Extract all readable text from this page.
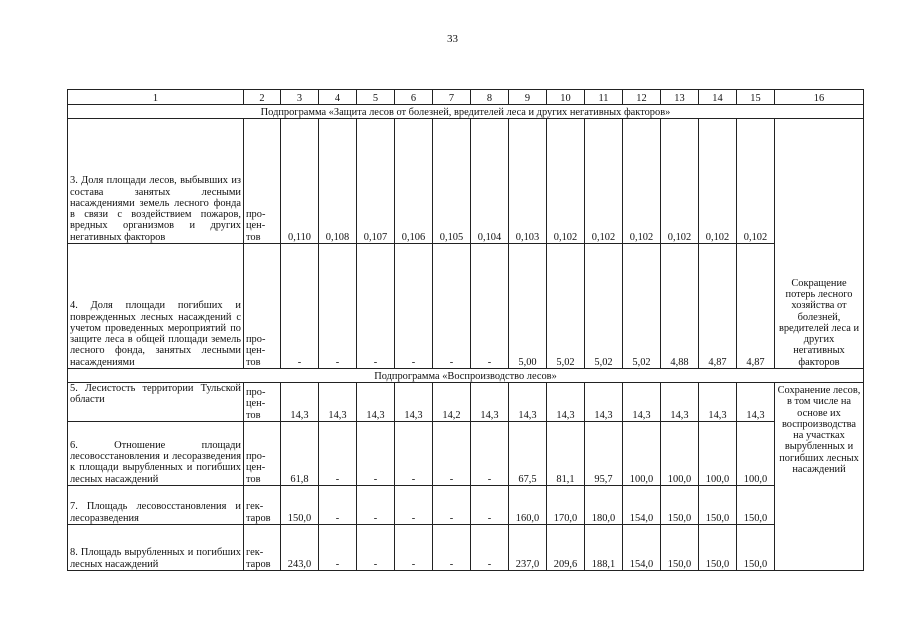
33
1	2	3	4	5	6	7	8	9	10	11	12	13	14	15	16
Подпрограмма «Защита лесов от болезней, вредителей леса и других негативных факторов»															
3. Доля площади лесов, выбывших из состава занятых лесными насаждениями земель лесного фонда в связи с воздействием пожаров, вредных организмов и других негативных факторов	про- цен- тов	0,110	0,108	0,107	0,106	0,105	0,104	0,103	0,102	0,102	0,102	0,102	0,102	0,102	Сокращение потерь лесного хозяйства от болезней, вредителей леса и других негативных факторов
4. Доля площади погибших и поврежденных лесных насаждений с учетом проведенных мероприятий по защите леса в общей площади земель лесного фонда, занятых лесными насаждениями	про- цен- тов	-	-	-	-	-	-	5,00	5,02	5,02	5,02	4,88	4,87	4,87	
Подпрограмма «Воспроизводство лесов»															
5. Лесистость территории Тульской области	про- цен- тов	14,3	14,3	14,3	14,3	14,2	14,3	14,3	14,3	14,3	14,3	14,3	14,3	14,3	Сохранение лесов, в том числе на основе их воспроизводства на участках вырубленных и погибших лесных насаждений
6. Отношение площади лесовосстановления и лесоразведения к площади вырубленных и погибших лесных насаждений	про- цен- тов	61,8	-	-	-	-	-	67,5	81,1	95,7	100,0	100,0	100,0	100,0	
7. Площадь лесовосстановления и лесоразведения	гек- таров	150,0	-	-	-	-	-	160,0	170,0	180,0	154,0	150,0	150,0	150,0	
8. Площадь вырубленных и погибших лесных насаждений	гек- таров	243,0	-	-	-	-	-	237,0	209,6	188,1	154,0	150,0	150,0	150,0	
